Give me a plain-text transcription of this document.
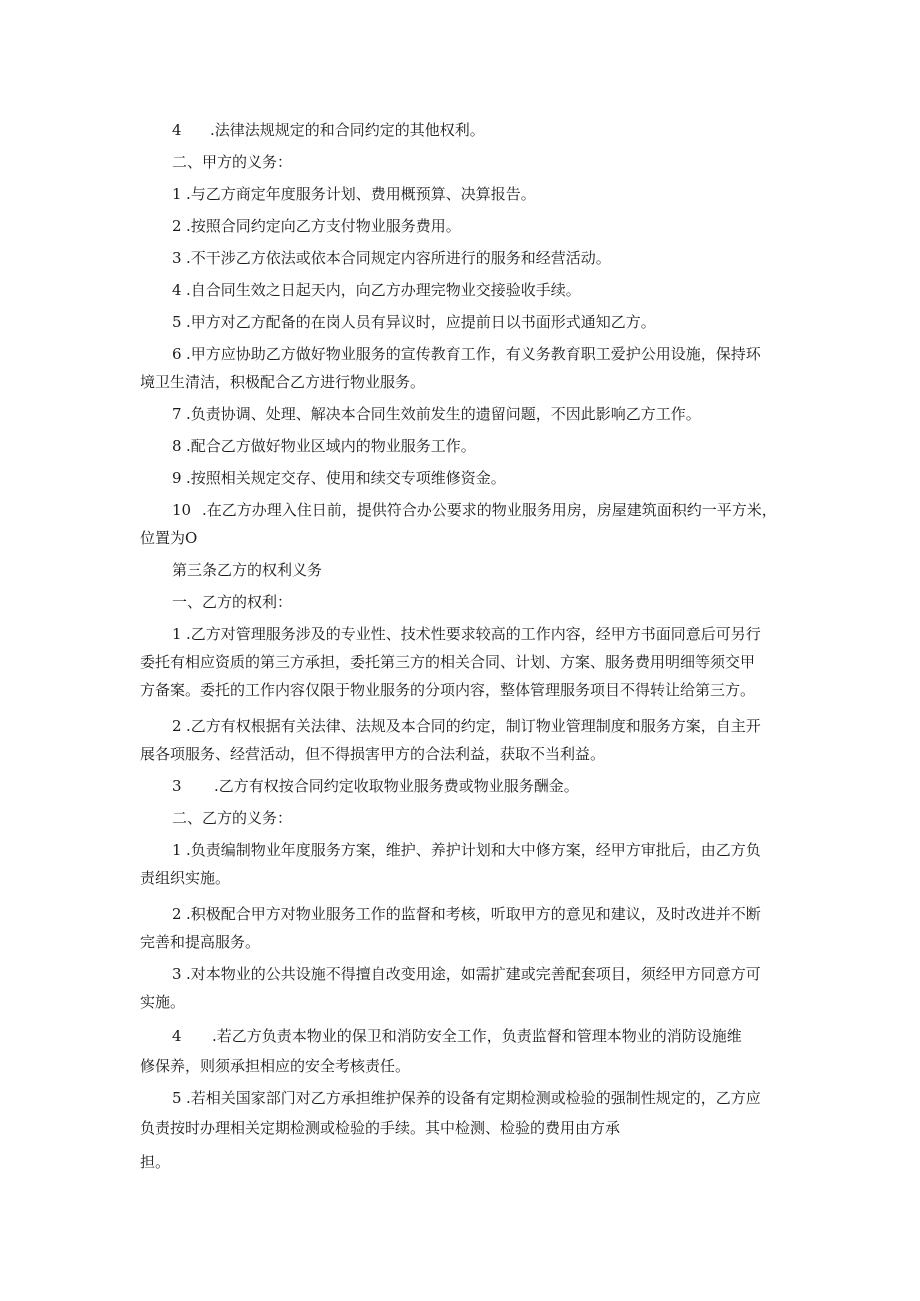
4 .法律法规规定的和合同约定的其他权利。

二、甲方的义务：

1 .与乙方商定年度服务计划、费用概预算、决算报告。

2 .按照合同约定向乙方支付物业服务费用。

3 .不干涉乙方依法或依本合同规定内容所进行的服务和经营活动。

4 .自合同生效之日起天内，向乙方办理完物业交接验收手续。

5 .甲方对乙方配备的在岗人员有异议时，应提前日以书面形式通知乙方。

6 .甲方应协助乙方做好物业服务的宣传教育工作，有义务教育职工爱护公用设施，保持环

境卫生清洁，积极配合乙方进行物业服务。

7 .负责协调、处理、解决本合同生效前发生的遗留问题，不因此影响乙方工作。

8 .配合乙方做好物业区域内的物业服务工作。

9 .按照相关规定交存、使用和续交专项维修资金。

10 .在乙方办理入住日前，提供符合办公要求的物业服务用房，房屋建筑面积约一平方米，

位置为O

第三条乙方的权利义务

一、乙方的权利：

1 .乙方对管理服务涉及的专业性、技术性要求较高的工作内容，经甲方书面同意后可另行

委托有相应资质的第三方承担，委托第三方的相关合同、计划、方案、服务费用明细等须交甲

方备案。委托的工作内容仅限于物业服务的分项内容，整体管理服务项目不得转让给第三方。

2 .乙方有权根据有关法律、法规及本合同的约定，制订物业管理制度和服务方案，自主开

展各项服务、经营活动，但不得损害甲方的合法利益，获取不当利益。

3 .乙方有权按合同约定收取物业服务费或物业服务酬金。

二、乙方的义务：

1 .负责编制物业年度服务方案，维护、养护计划和大中修方案，经甲方审批后，由乙方负

责组织实施。

2 .积极配合甲方对物业服务工作的监督和考核，听取甲方的意见和建议，及时改进并不断

完善和提高服务。

3 .对本物业的公共设施不得擅自改变用途，如需扩建或完善配套项目，须经甲方同意方可

实施。

4 .若乙方负责本物业的保卫和消防安全工作，负责监督和管理本物业的消防设施维

修保养，则须承担相应的安全考核责任。

5 .若相关国家部门对乙方承担维护保养的设备有定期检测或检验的强制性规定的，乙方应

负责按时办理相关定期检测或检验的手续。其中检测、检验的费用由方承

担。
